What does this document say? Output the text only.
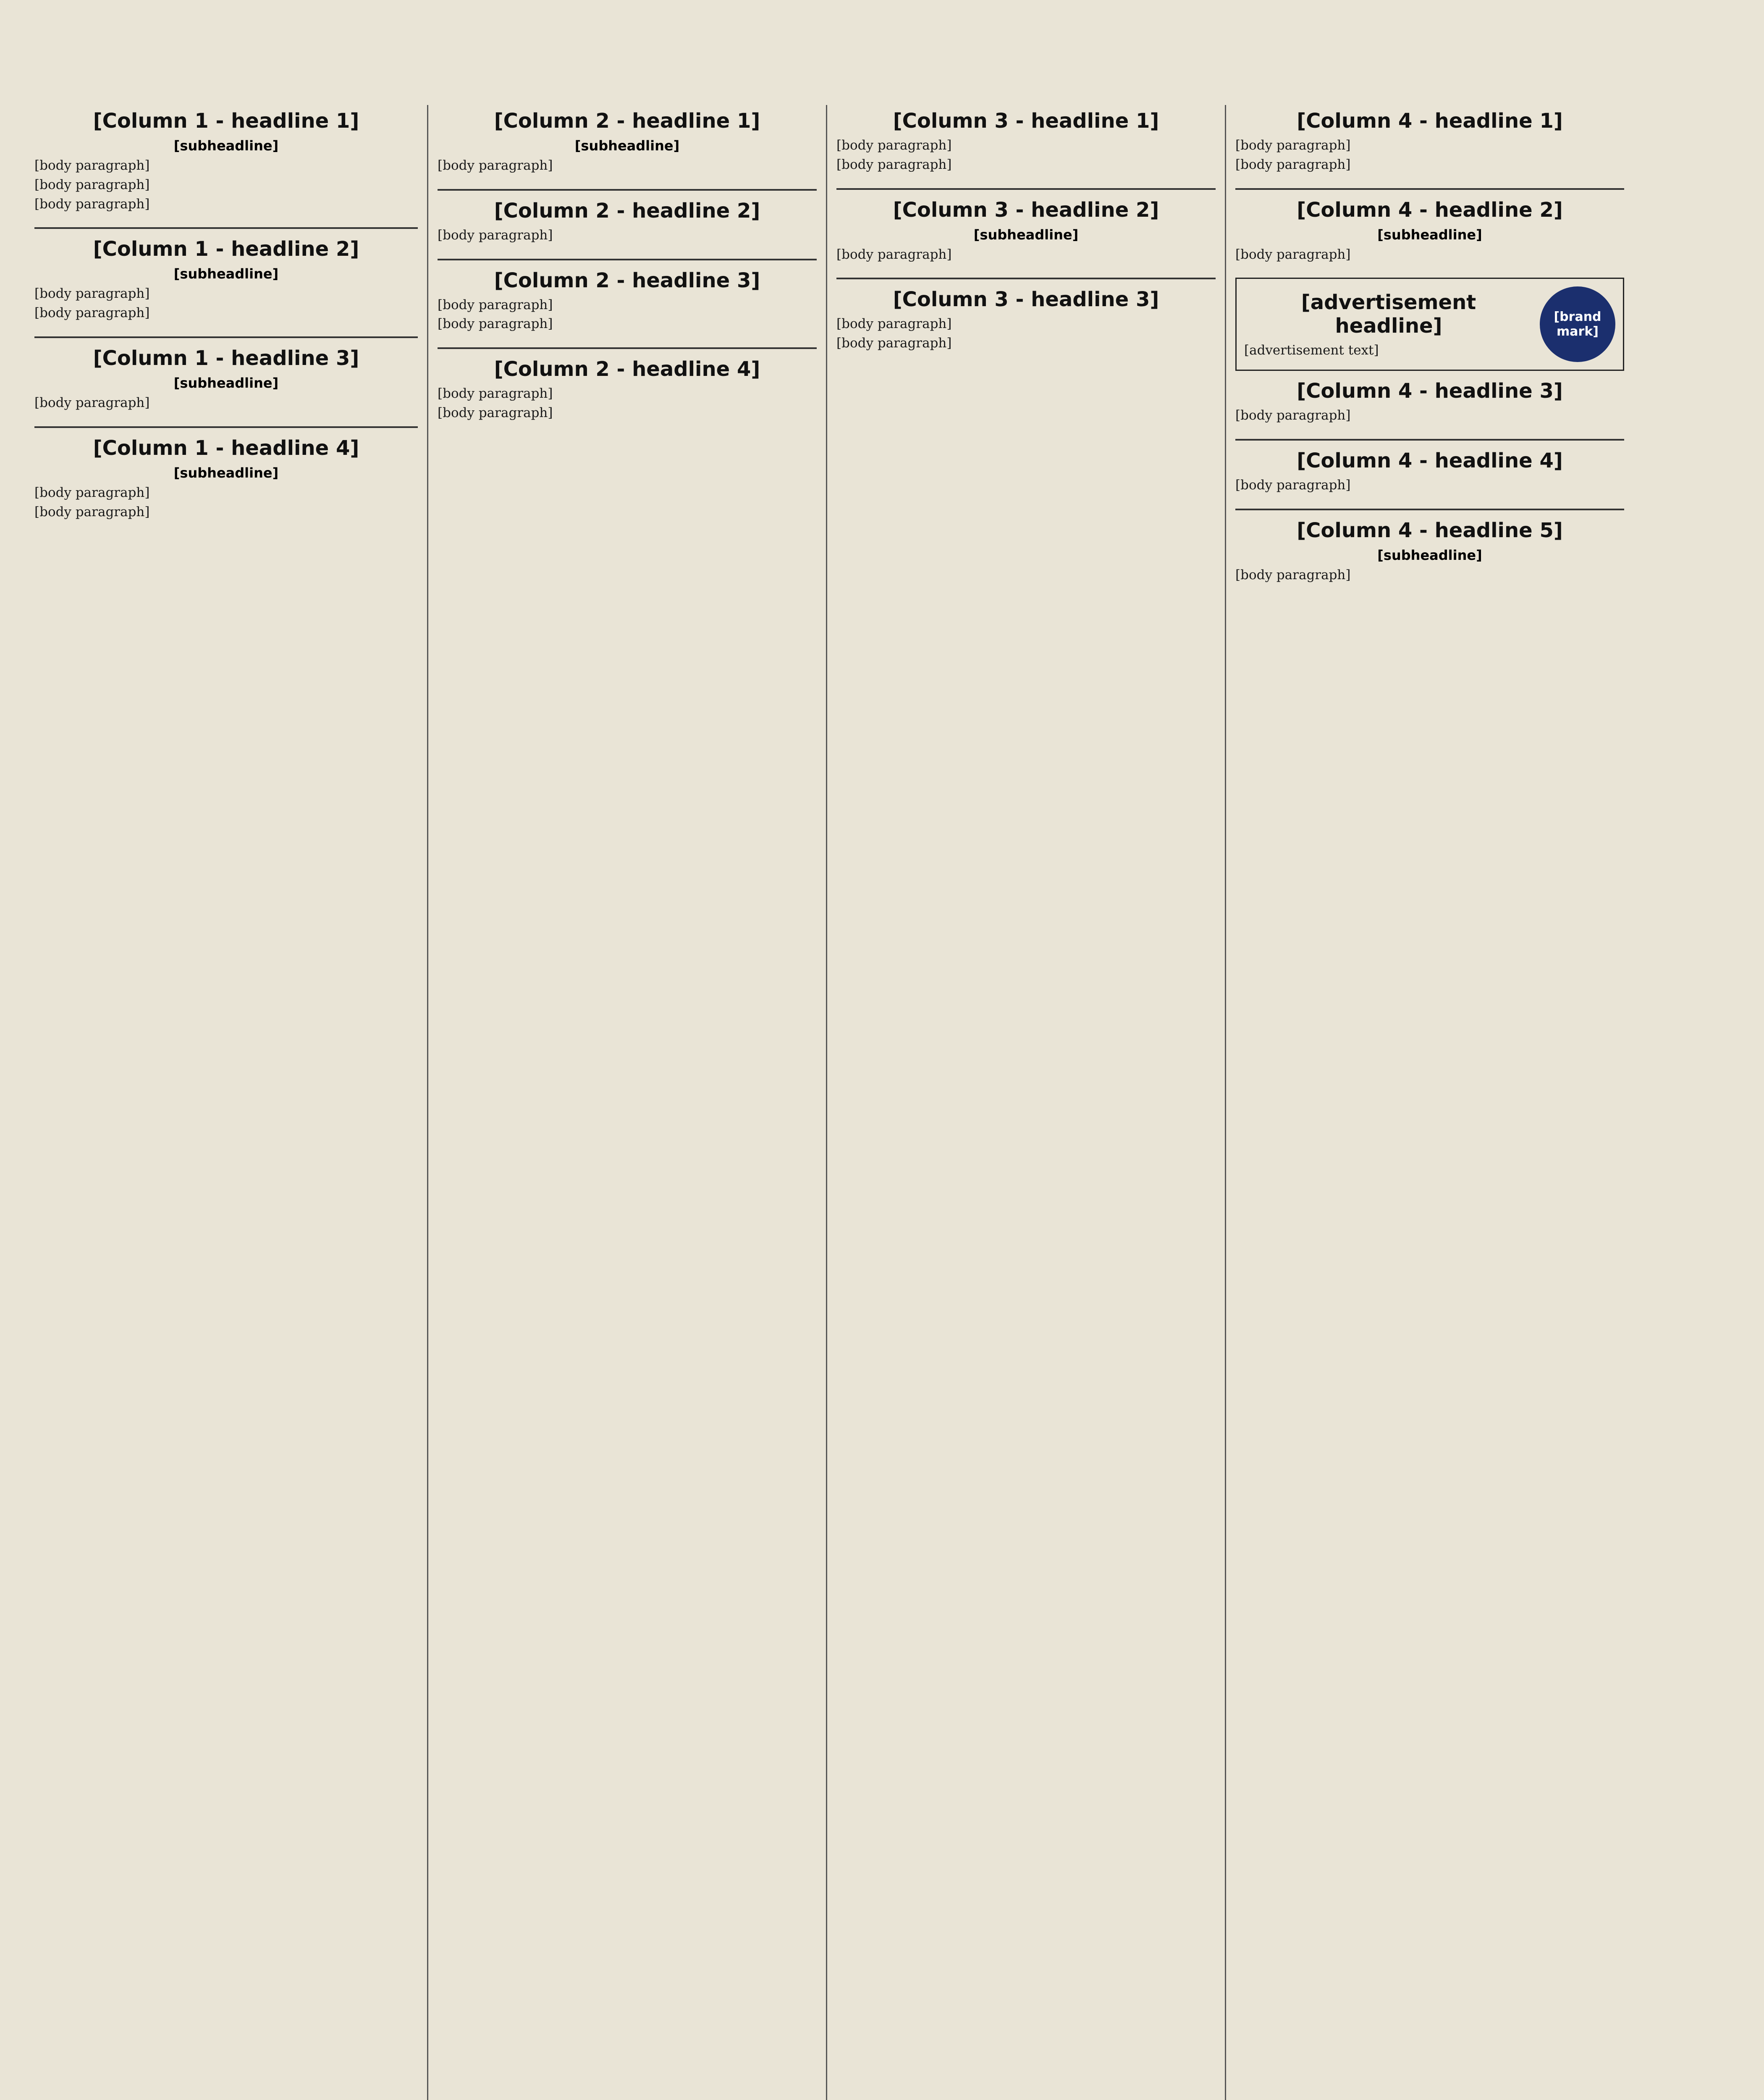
[Column 1 - headline 1]
[subheadline]

[body paragraph]

[body paragraph]

[body paragraph]

[Column 1 - headline 2]
[subheadline]

[body paragraph]

[body paragraph]

[Column 1 - headline 3]
[subheadline]

[body paragraph]

[Column 1 - headline 4]
[subheadline]

[body paragraph]

[body paragraph]

[Column 2 - headline 1]
[subheadline]

[body paragraph]

[Column 2 - headline 2]

[body paragraph]

[Column 2 - headline 3]

[body paragraph]

[body paragraph]

[Column 2 - headline 4]

[body paragraph]

[body paragraph]

[Column 3 - headline 1]

[body paragraph]

[body paragraph]

[Column 3 - headline 2]
[subheadline]

[body paragraph]

[Column 3 - headline 3]

[body paragraph]

[body paragraph]

[Column 4 - headline 1]

[body paragraph]

[body paragraph]

[Column 4 - headline 2]
[subheadline]

[body paragraph]

[brand mark]
[advertisement headline]

[advertisement text]

[Column 4 - headline 3]

[body paragraph]

[Column 4 - headline 4]

[body paragraph]

[Column 4 - headline 5]
[subheadline]

[body paragraph]
